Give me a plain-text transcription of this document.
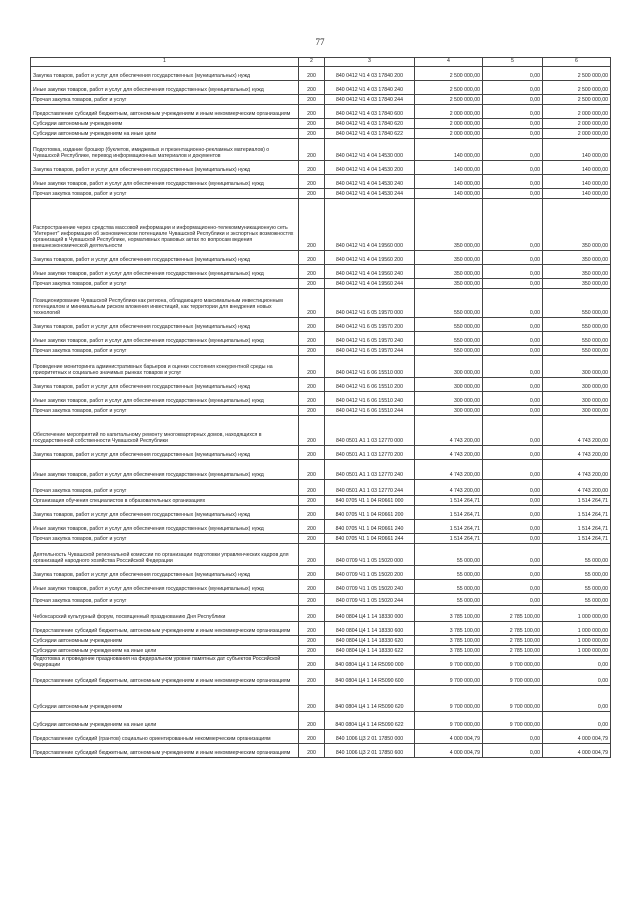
77
1	2	3	4	5	6
Закупка товаров, работ и услуг для обеспечения государственных (муниципальных) нужд	200	840 0412 Ч1 4 03 17840 200	2 500 000,00	0,00	2 500 000,00
Иные закупки товаров, работ и услуг для обеспечения государственных (муниципальных) нужд	200	840 0412 Ч1 4 03 17840 240	2 500 000,00	0,00	2 500 000,00
Прочая закупка товаров, работ и услуг	200	840 0412 Ч1 4 03 17840 244	2 500 000,00	0,00	2 500 000,00
Предоставление субсидий бюджетным, автономным учреждениям и иным некоммерческим организациям	200	840 0412 Ч1 4 03 17840 600	2 000 000,00	0,00	2 000 000,00
Субсидии автономным учреждениям	200	840 0412 Ч1 4 03 17840 620	2 000 000,00	0,00	2 000 000,00
Субсидии автономным учреждениям на иные цели	200	840 0412 Ч1 4 03 17840 622	2 000 000,00	0,00	2 000 000,00
Подготовка, издание брошюр (буклетов, имиджевых и презентационно-рекламных материалов) о Чувашской Республике, перевод информационных материалов и документов	200	840 0412 Ч1 4 04 14530 000	140 000,00	0,00	140 000,00
Закупка товаров, работ и услуг для обеспечения государственных (муниципальных) нужд	200	840 0412 Ч1 4 04 14530 200	140 000,00	0,00	140 000,00
Иные закупки товаров, работ и услуг для обеспечения государственных (муниципальных) нужд	200	840 0412 Ч1 4 04 14530 240	140 000,00	0,00	140 000,00
Прочая закупка товаров, работ и услуг	200	840 0412 Ч1 4 04 14530 244	140 000,00	0,00	140 000,00
Распространение через средства массовой информации и информационно-телекоммуникационную сеть "Интернет" информации об экономическом потенциале Чувашской Республики и экспортных возможностях организаций в Чувашской Республике, нормативных правовых актах по вопросам ведения внешнеэкономической деятельности	200	840 0412 Ч1 4 04 19560 000	350 000,00	0,00	350 000,00
Закупка товаров, работ и услуг для обеспечения государственных (муниципальных) нужд	200	840 0412 Ч1 4 04 19560 200	350 000,00	0,00	350 000,00
Иные закупки товаров, работ и услуг для обеспечения государственных (муниципальных) нужд	200	840 0412 Ч1 4 04 19560 240	350 000,00	0,00	350 000,00
Прочая закупка товаров, работ и услуг	200	840 0412 Ч1 4 04 19560 244	350 000,00	0,00	350 000,00
Позиционирование Чувашской Республики как региона, обладающего максимальным инвестиционным потенциалом и минимальным риском вложения инвестиций, как территории для внедрения новых технологий	200	840 0412 Ч1 6 05 19570 000	550 000,00	0,00	550 000,00
Закупка товаров, работ и услуг для обеспечения государственных (муниципальных) нужд	200	840 0412 Ч1 6 05 19570 200	550 000,00	0,00	550 000,00
Иные закупки товаров, работ и услуг для обеспечения государственных (муниципальных) нужд	200	840 0412 Ч1 6 05 19570 240	550 000,00	0,00	550 000,00
Прочая закупка товаров, работ и услуг	200	840 0412 Ч1 6 05 19570 244	550 000,00	0,00	550 000,00
Проведение мониторинга административных барьеров и оценки состояния конкурентной среды на приоритетных и социально значимых рынках товаров и услуг	200	840 0412 Ч1 6 06 15510 000	300 000,00	0,00	300 000,00
Закупка товаров, работ и услуг для обеспечения государственных (муниципальных) нужд	200	840 0412 Ч1 6 06 15510 200	300 000,00	0,00	300 000,00
Иные закупки товаров, работ и услуг для обеспечения государственных (муниципальных) нужд	200	840 0412 Ч1 6 06 15510 240	300 000,00	0,00	300 000,00
Прочая закупка товаров, работ и услуг	200	840 0412 Ч1 6 06 15510 244	300 000,00	0,00	300 000,00
Обеспечение мероприятий по капитальному ремонту многоквартирных домов, находящихся в государственной собственности Чувашской Республики	200	840 0501 А1 1 03 12770 000	4 743 200,00	0,00	4 743 200,00
Закупка товаров, работ и услуг для обеспечения государственных (муниципальных) нужд	200	840 0501 А1 1 03 12770 200	4 743 200,00	0,00	4 743 200,00
Иные закупки товаров, работ и услуг для обеспечения государственных (муниципальных) нужд	200	840 0501 А1 1 03 12770 240	4 743 200,00	0,00	4 743 200,00
Прочая закупка товаров, работ и услуг	200	840 0501 А1 1 03 12770 244	4 743 200,00	0,00	4 743 200,00
Организация обучения специалистов в образовательных организациях	200	840 0705 Ч1 1 04 R0661 000	1 514 264,71	0,00	1 514 264,71
Закупка товаров, работ и услуг для обеспечения государственных (муниципальных) нужд	200	840 0705 Ч1 1 04 R0661 200	1 514 264,71	0,00	1 514 264,71
Иные закупки товаров, работ и услуг для обеспечения государственных (муниципальных) нужд	200	840 0705 Ч1 1 04 R0661 240	1 514 264,71	0,00	1 514 264,71
Прочая закупка товаров, работ и услуг	200	840 0705 Ч1 1 04 R0661 244	1 514 264,71	0,00	1 514 264,71
Деятельность Чувашской региональной комиссии по организации подготовки управленческих кадров для организаций народного хозяйства Российской Федерации	200	840 0709 Ч1 1 05 15020 000	55 000,00	0,00	55 000,00
Закупка товаров, работ и услуг для обеспечения государственных (муниципальных) нужд	200	840 0709 Ч1 1 05 15020 200	55 000,00	0,00	55 000,00
Иные закупки товаров, работ и услуг для обеспечения государственных (муниципальных) нужд	200	840 0709 Ч1 1 05 15020 240	55 000,00	0,00	55 000,00
Прочая закупка товаров, работ и услуг	200	840 0709 Ч1 1 05 15020 244	55 000,00	0,00	55 000,00
Чебоксарский культурный форум, посвященный празднованию Дня Республики	200	840 0804 Ц4 1 14 18330 000	3 785 100,00	2 785 100,00	1 000 000,00
Предоставление субсидий бюджетным, автономным учреждениям и иным некоммерческим организациям	200	840 0804 Ц4 1 14 18330 600	3 785 100,00	2 785 100,00	1 000 000,00
Субсидии автономным учреждениям	200	840 0804 Ц4 1 14 18330 620	3 785 100,00	2 785 100,00	1 000 000,00
Субсидии автономным учреждениям на иные цели	200	840 0804 Ц4 1 14 18330 622	3 785 100,00	2 785 100,00	1 000 000,00
Подготовка и проведение празднования на федеральном уровне памятных дат субъектов Российской Федерации	200	840 0804 Ц4 1 14 R5090 000	9 700 000,00	9 700 000,00	0,00
Предоставление субсидий бюджетным, автономным учреждениям и иным некоммерческим организациям	200	840 0804 Ц4 1 14 R5090 600	9 700 000,00	9 700 000,00	0,00
Субсидии автономным учреждениям	200	840 0804 Ц4 1 14 R5090 620	9 700 000,00	9 700 000,00	0,00
Субсидии автономным учреждениям на иные цели	200	840 0804 Ц4 1 14 R5090 622	9 700 000,00	9 700 000,00	0,00
Предоставление субсидий (грантов) социально ориентированным некоммерческим организациям	200	840 1006 Ц3 2 01 17850 000	4 000 004,79	0,00	4 000 004,79
Предоставление субсидий бюджетным, автономным учреждениям и иным некоммерческим организациям	200	840 1006 Ц3 2 01 17850 600	4 000 004,79	0,00	4 000 004,79
